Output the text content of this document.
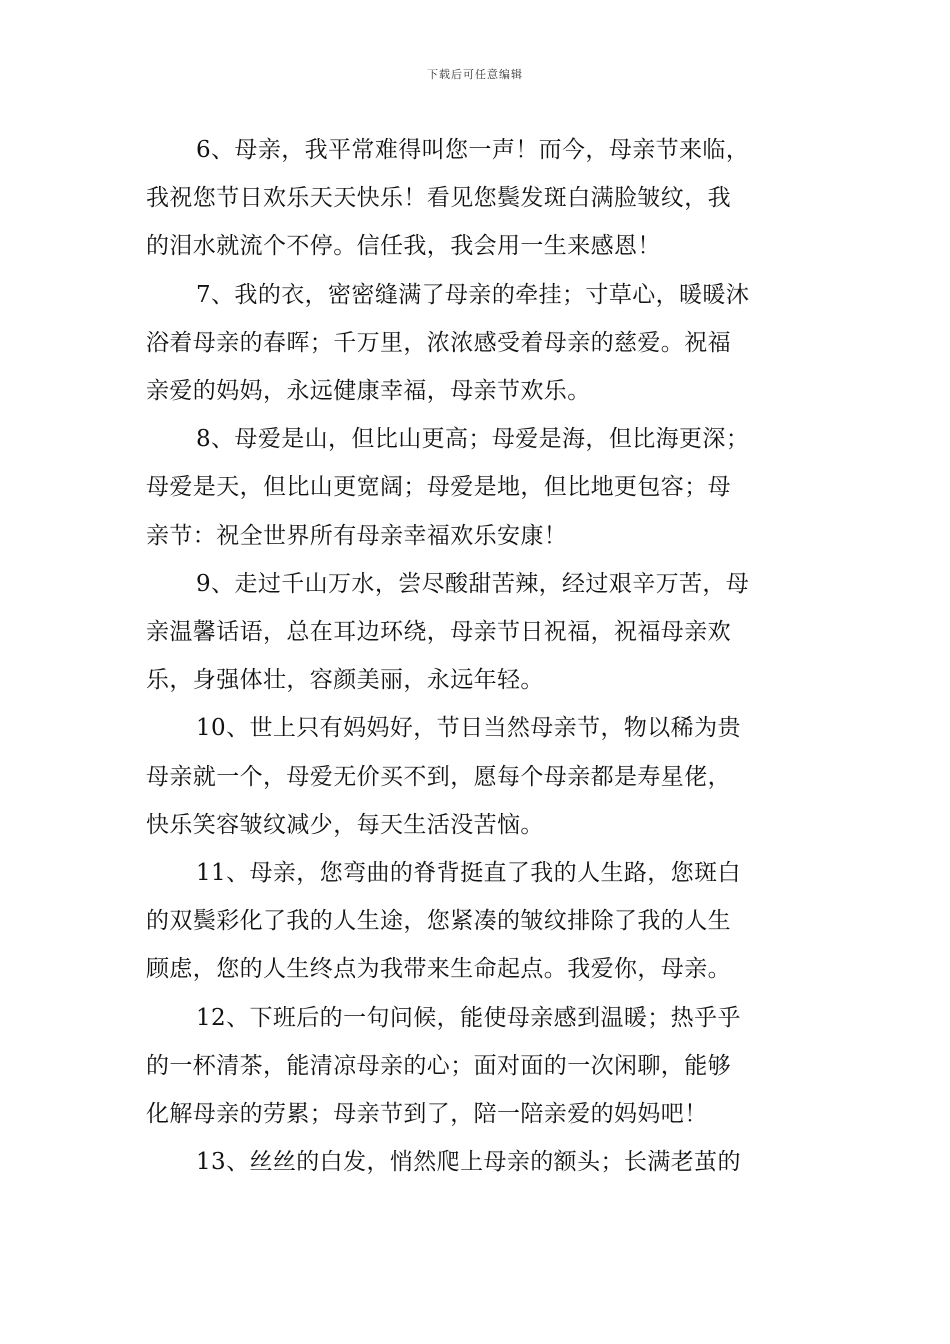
下载后可任意编辑

6、母亲，我平常难得叫您一声！而今，母亲节来临，
我祝您节日欢乐天天快乐！看见您鬓发斑白满脸皱纹，我
的泪水就流个不停。信任我，我会用一生来感恩！

7、我的衣，密密缝满了母亲的牵挂；寸草心，暖暖沐
浴着母亲的春晖；千万里，浓浓感受着母亲的慈爱。祝福
亲爱的妈妈，永远健康幸福，母亲节欢乐。

8、母爱是山，但比山更高；母爱是海，但比海更深；
母爱是天，但比山更宽阔；母爱是地，但比地更包容；母
亲节：祝全世界所有母亲幸福欢乐安康！

9、走过千山万水，尝尽酸甜苦辣，经过艰辛万苦，母
亲温馨话语，总在耳边环绕，母亲节日祝福，祝福母亲欢
乐，身强体壮，容颜美丽，永远年轻。

10、世上只有妈妈好，节日当然母亲节，物以稀为贵
母亲就一个，母爱无价买不到，愿每个母亲都是寿星佬，
快乐笑容皱纹减少，每天生活没苦恼。

11、母亲，您弯曲的脊背挺直了我的人生路，您斑白
的双鬓彩化了我的人生途，您紧凑的皱纹排除了我的人生
顾虑，您的人生终点为我带来生命起点。我爱你，母亲。

12、下班后的一句问候，能使母亲感到温暖；热乎乎
的一杯清茶，能清凉母亲的心；面对面的一次闲聊，能够
化解母亲的劳累；母亲节到了，陪一陪亲爱的妈妈吧！

13、丝丝的白发，悄然爬上母亲的额头；长满老茧的
